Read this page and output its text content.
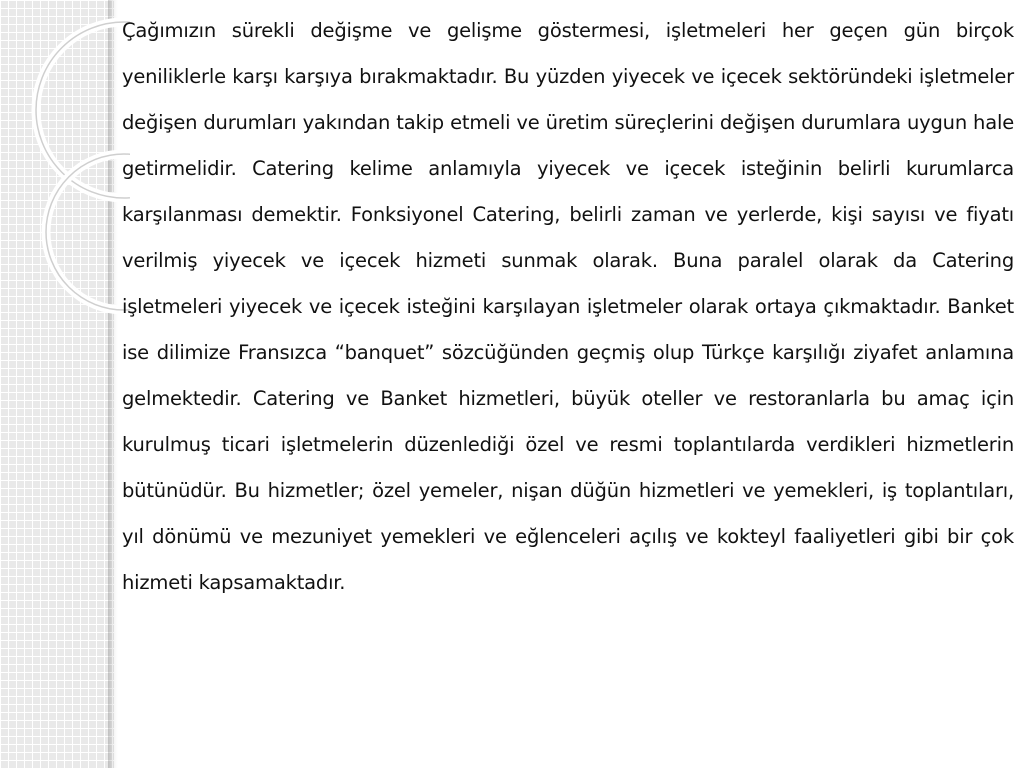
Çağımızın sürekli değişme ve gelişme göstermesi, işletmeleri her geçen gün birçok yeniliklerle karşı karşıya bırakmaktadır. Bu yüzden yiyecek ve içecek sektöründeki işletmeler değişen durumları yakından takip etmeli ve üretim süreçlerini değişen durumlara uygun hale getirmelidir. Catering kelime anlamıyla yiyecek ve içecek isteğinin belirli kurumlarca karşılanması demektir. Fonksiyonel Catering, belirli zaman ve yerlerde, kişi sayısı ve fiyatı verilmiş yiyecek ve içecek hizmeti sunmak olarak. Buna paralel olarak da Catering işletmeleri yiyecek ve içecek isteğini karşılayan işletmeler olarak ortaya çıkmaktadır. Banket ise dilimize Fransızca “banquet” sözcüğünden geçmiş olup Türkçe karşılığı ziyafet anlamına gelmektedir. Catering ve Banket hizmetleri, büyük oteller ve restoranlarla bu amaç için kurulmuş ticari işletmelerin düzenlediği özel ve resmi toplantılarda verdikleri hizmetlerin bütünüdür. Bu hizmetler; özel yemeler, nişan düğün hizmetleri ve yemekleri, iş toplantıları, yıl dönümü ve mezuniyet yemekleri ve eğlenceleri açılış ve kokteyl faaliyetleri gibi bir çok hizmeti kapsamaktadır.
